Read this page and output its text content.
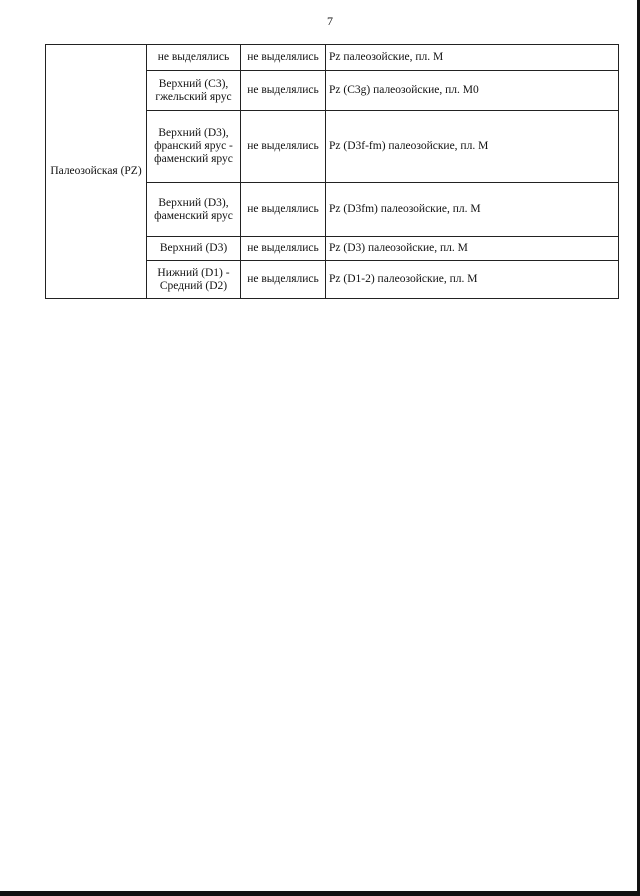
7
Палеозойская (PZ)	не выделялись	не выделялись	Pz палеозойские, пл. М
	Верхний (С3), гжельский ярус	не выделялись	Pz (C3g) палеозойские, пл. М0
	Верхний (D3), франский ярус - фаменский ярус	не выделялись	Pz (D3f-fm) палеозойские, пл. М
	Верхний (D3), фаменский ярус	не выделялись	Pz (D3fm) палеозойские, пл. М
	Верхний (D3)	не выделялись	Pz (D3) палеозойские, пл. М
	Нижний (D1) - Средний (D2)	не выделялись	Pz (D1-2) палеозойские, пл. М
